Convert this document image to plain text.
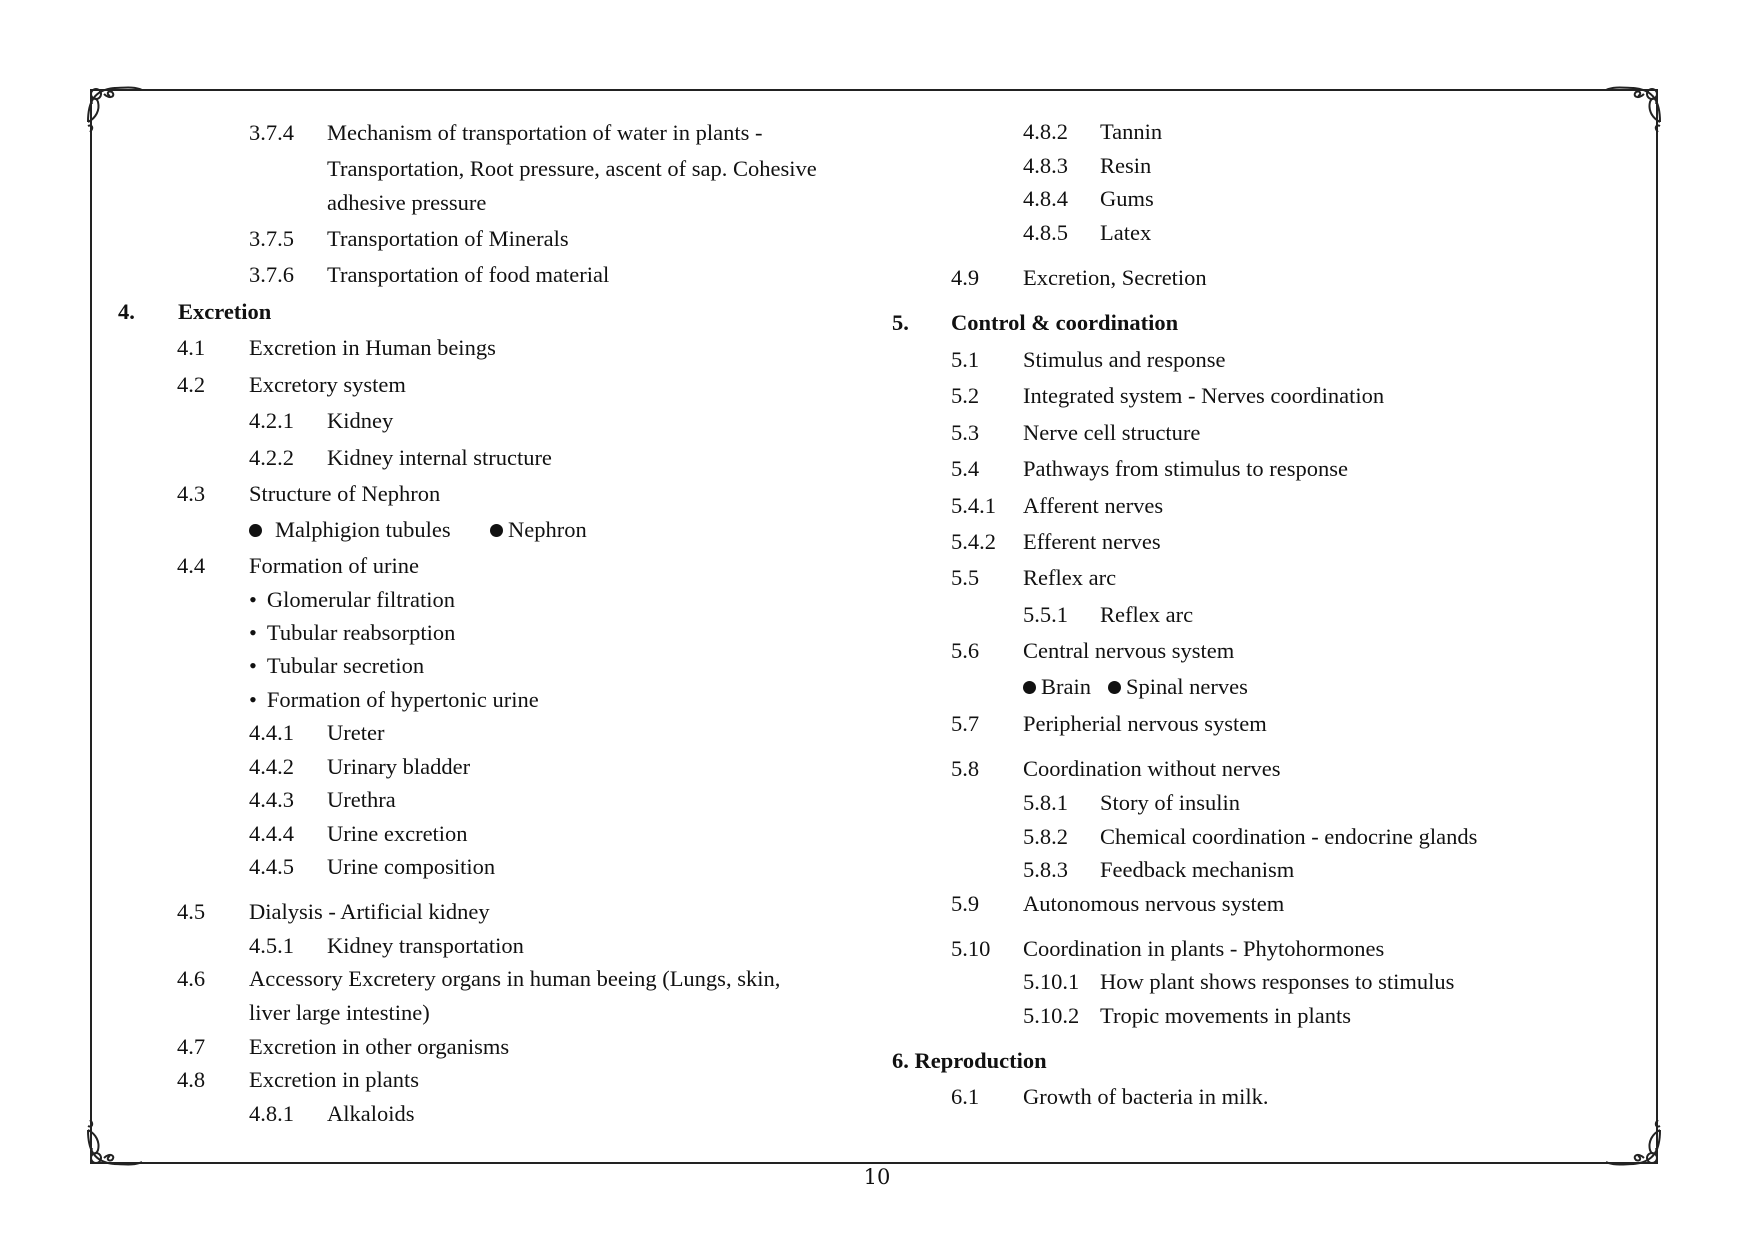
3.7.4 Mechanism of transportation of water in plants -
Transportation, Root pressure, ascent of sap. Cohesive
adhesive pressure
3.7.5 Transportation of Minerals
3.7.6 Transportation of food material
4. Excretion
4.1 Excretion in Human beings
4.2 Excretory system
4.2.1 Kidney
4.2.2 Kidney internal structure
4.3 Structure of Nephron
Malphigion tubules	Nephron
4.4 Formation of urine
• Glomerular filtration
• Tubular reabsorption
• Tubular secretion
• Formation of hypertonic urine
4.4.1 Ureter
4.4.2 Urinary bladder
4.4.3 Urethra
4.4.4 Urine excretion
4.4.5 Urine composition
4.5 Dialysis - Artificial kidney
4.5.1 Kidney transportation
4.6 Accessory Excretery organs in human beeing (Lungs, skin,
liver large intestine)
4.7 Excretion in other organisms
4.8 Excretion in plants
4.8.1 Alkaloids
4.8.2 Tannin
4.8.3 Resin
4.8.4 Gums
4.8.5 Latex
4.9 Excretion, Secretion
5. Control & coordination
5.1 Stimulus and response
5.2 Integrated system - Nerves coordination
5.3 Nerve cell structure
5.4 Pathways from stimulus to response
5.4.1 Afferent nerves
5.4.2 Efferent nerves
5.5 Reflex arc
5.5.1 Reflex arc
5.6 Central nervous system
Brain	Spinal nerves
5.7 Peripherial nervous system
5.8 Coordination without nerves
5.8.1 Story of insulin
5.8.2 Chemical coordination - endocrine glands
5.8.3 Feedback mechanism
5.9 Autonomous nervous system
5.10 Coordination in plants - Phytohormones
5.10.1 How plant shows responses to stimulus
5.10.2 Tropic movements in plants
6. Reproduction
6.1 Growth of bacteria in milk.
10
